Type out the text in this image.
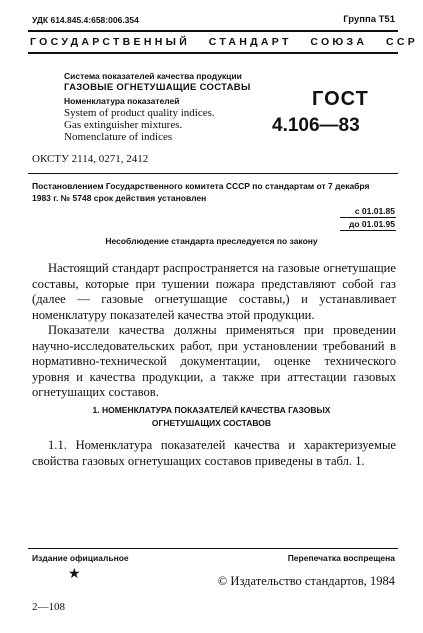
УДК 614.845.4:658:006.354	Группа Т51
ГОСУДАРСТВЕННЫЙ   СТАНДАРТ   СОЮЗА   ССР
Система показателей качества продукции
ГАЗОВЫЕ ОГНЕТУШАЩИЕ СОСТАВЫ
Номенклатура показателей
System of product quality indices.
Gas extinguisher mixtures.
Nomenclature of indices
ГОСТ
4.106—83
ОКСТУ 2114, 0271, 2412
Постановлением Государственного комитета СССР по стандартам от 7 декабря
1983 г. № 5748 срок действия установлен
с 01.01.85
до 01.01.95
Несоблюдение стандарта преследуется по закону

Настоящий стандарт распространяется на газовые огнетушащие составы, которые при тушении пожара представляют собой газ (далее — газовые огнетушащие составы,) и устанавливает номенклатуру показателей качества этой продукции.

Показатели качества должны применяться при проведении научно-исследовательских работ, при установлении требований в нормативно-технической документации, оценке технического уровня и качества продукции, а также при аттестации газовых огнетушащих составов.

1. НОМЕНКЛАТУРА ПОКАЗАТЕЛЕЙ КАЧЕСТВА ГАЗОВЫХ
ОГНЕТУШАЩИХ СОСТАВОВ

1.1. Номенклатура показателей качества и характеризуемые свойства газовых огнетушащих составов приведены в табл. 1.

Издание официальное	Перепечатка воспрещена
★	© Издательство стандартов, 1984
2—108
